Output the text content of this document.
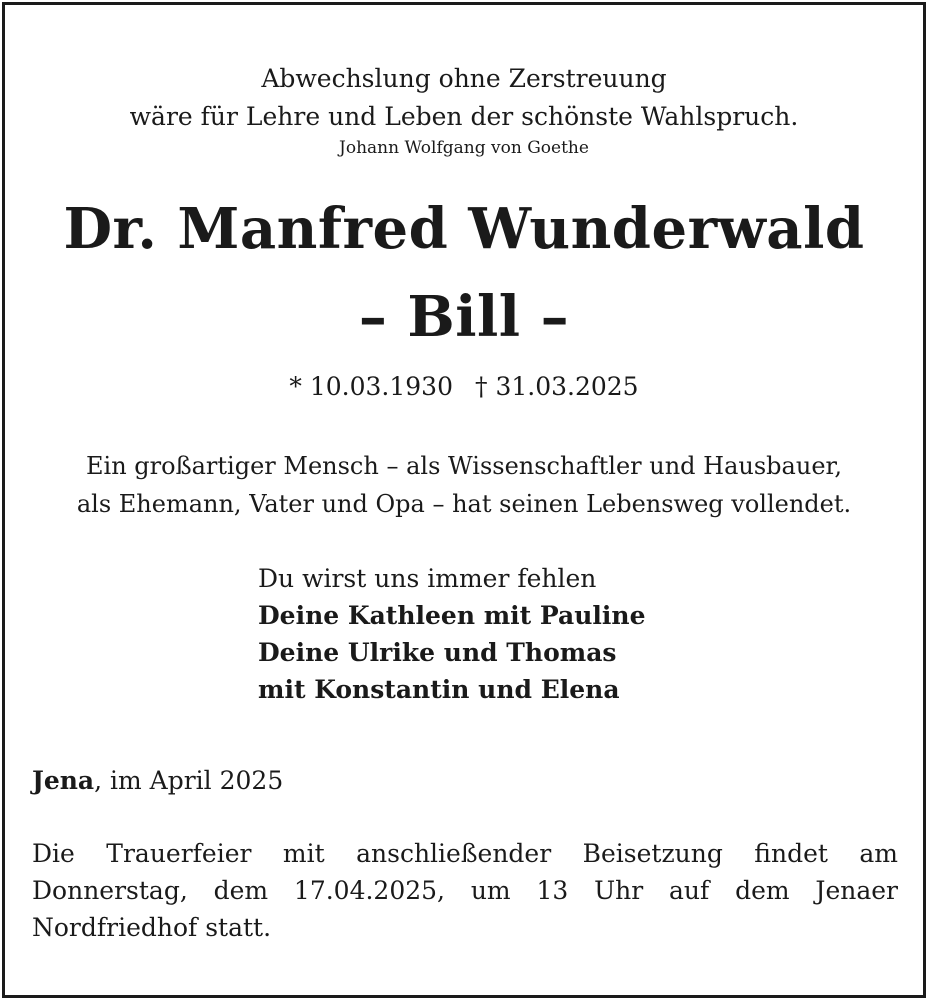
Abwechslung ohne Zerstreuung
wäre für Lehre und Leben der schönste Wahlspruch.
Johann Wolfgang von Goethe
Dr. Manfred Wunderwald
– Bill –
* 10.03.1930 † 31.03.2025
Ein großartiger Mensch – als Wissenschaftler und Hausbauer,
als Ehemann, Vater und Opa – hat seinen Lebensweg vollendet.
Du wirst uns immer fehlen
Deine Kathleen mit Pauline
Deine Ulrike und Thomas
mit Konstantin und Elena
Jena, im April 2025
Die Trauerfeier mit anschließender Beisetzung findet am
Donnerstag, dem 17.04.2025, um 13 Uhr auf dem Jenaer
Nordfriedhof statt.
